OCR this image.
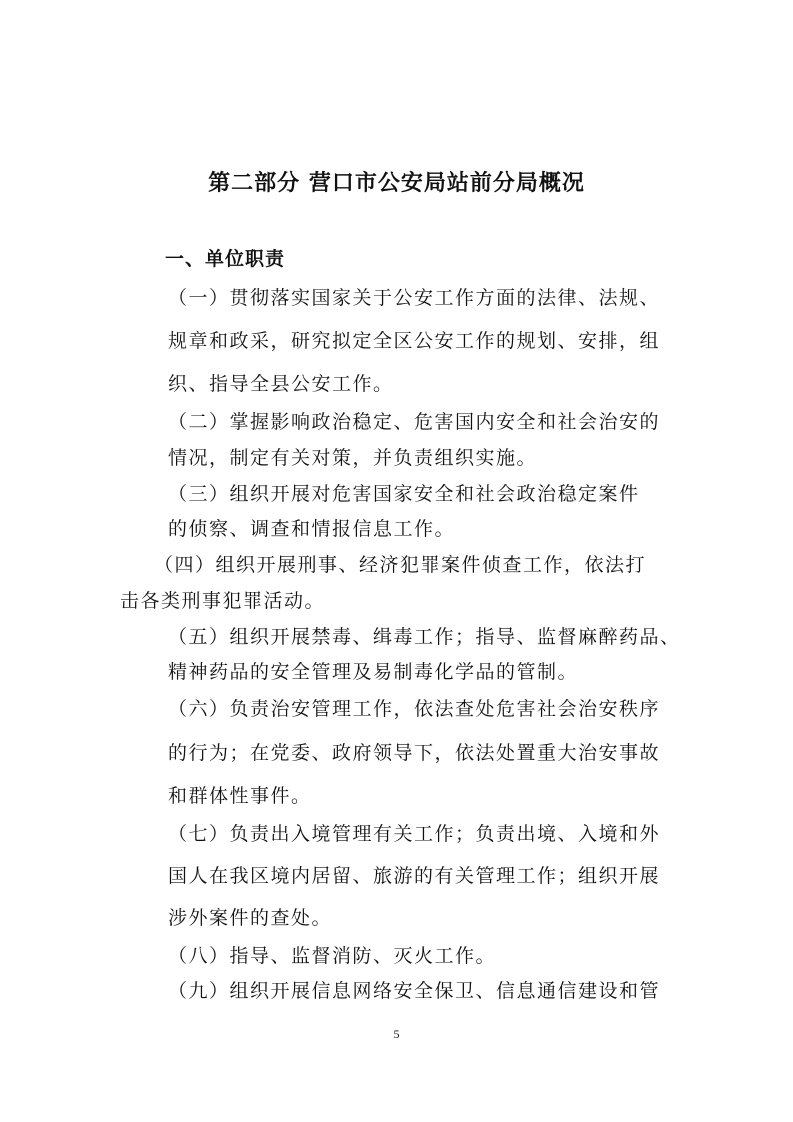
第二部分 营口市公安局站前分局概况
一、单位职责
（一）贯彻落实国家关于公安工作方面的法律、法规、
规章和政采，研究拟定全区公安工作的规划、安排，组
织、指导全县公安工作。
（二）掌握影响政治稳定、危害国内安全和社会治安的
情况，制定有关对策，并负责组织实施。
（三）组织开展对危害国家安全和社会政治稳定案件
的侦察、调查和情报信息工作。
（四）组织开展刑事、经济犯罪案件侦查工作，依法打
击各类刑事犯罪活动。
（五）组织开展禁毒、缉毒工作；指导、监督麻醉药品、
精神药品的安全管理及易制毒化学品的管制。
（六）负责治安管理工作，依法查处危害社会治安秩序
的行为；在党委、政府领导下，依法处置重大治安事故
和群体性事件。
（七）负责出入境管理有关工作；负责出境、入境和外
国人在我区境内居留、旅游的有关管理工作；组织开展
涉外案件的查处。
（八）指导、监督消防、灭火工作。
（九）组织开展信息网络安全保卫、信息通信建设和管
5
